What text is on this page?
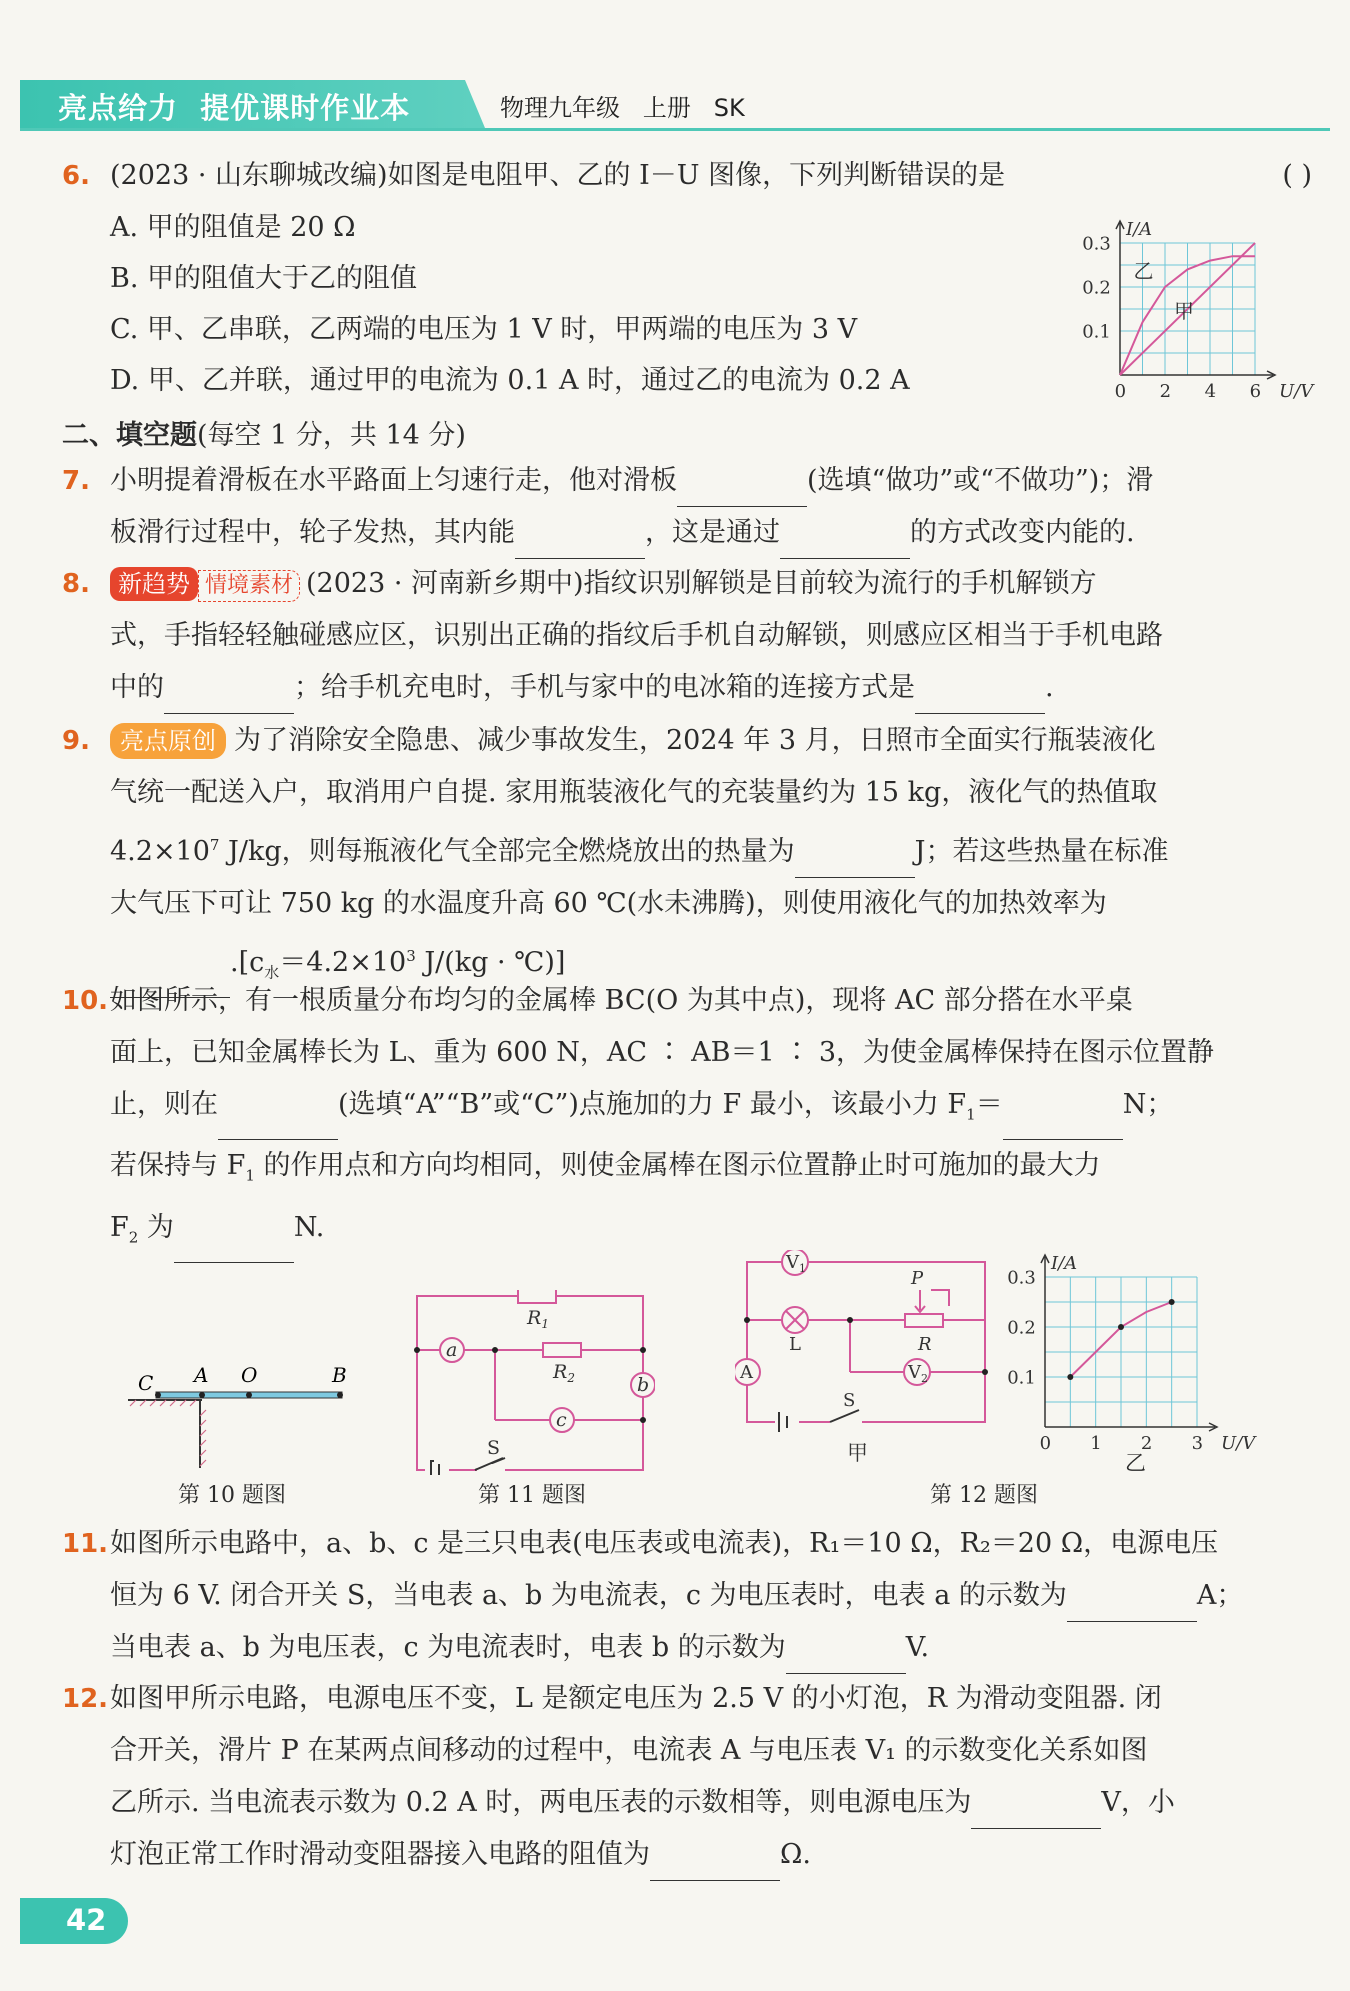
亮点给力  提优课时作业本	物理九年级   上册   SK
6. (2023 · 山东聊城改编)如图是电阻甲、乙的 I－U 图像，下列判断错误的是	( )
A. 甲的阻值是 20 Ω
B. 甲的阻值大于乙的阻值
C. 甲、乙串联，乙两端的电压为 1 V 时，甲两端的电压为 3 V
D. 甲、乙并联，通过甲的电流为 0.1 A 时，通过乙的电流为 0.2 A	0 2 4 6
0.1
0.2
0.3
I/A
U/V
甲
乙
二、填空题(每空 1 分，共 14 分)
7. 小明提着滑板在水平路面上匀速行走，他对滑板	(选填“做功”或“不做功”)；滑
板滑行过程中，轮子发热，其内能	，这是通过	的方式改变内能的.
8. 新趋势 情境素材 (2023 · 河南新乡期中)指纹识别解锁是目前较为流行的手机解锁方
式，手指轻轻触碰感应区，识别出正确的指纹后手机自动解锁，则感应区相当于手机电路
中的	；给手机充电时，手机与家中的电冰箱的连接方式是	.
9. 亮点原创 为了消除安全隐患、减少事故发生，2024 年 3 月，日照市全面实行瓶装液化
气统一配送入户，取消用户自提. 家用瓶装液化气的充装量约为 15 kg，液化气的热值取
$4.2\times 10^7$ J/kg，则每瓶液化气全部完全燃烧放出的热量为	J；若这些热量在标准
大气压下可让 750 kg 的水温度升高 60 ℃(水未沸腾)，则使用液化气的加热效率为
$.[c_水=4.2\times 10^3$ J/(kg · ℃)]
10.如图所示，有一根质量分布均匀的金属棒 BC(O 为其中点)，现将 AC 部分搭在水平桌
面上，已知金属棒长为 L、重为 600 N，AC ∶ AB＝1 ∶ 3，为使金属棒保持在图示位置静
止，则在	(选填“A”“B”或“C”)点施加的力 F 最小，该最小力 $F_1=$	N；
若保持与 $F_1$ 的作用点和方向均相同，则使金属棒在图示位置静止时可施加的最大力
$F_2$ 为	N.
C A O	B
第 10 题图
$R_1$
$R_2$
a
b
c
S
第 11 题图
$V_1$
$V_2$
A
L	R
P
S
甲	0 1 2 3
0.1
0.2
0.3
I/A
U/V
乙
第 12 题图
11.如图所示电路中，a、b、c 是三只电表(电压表或电流表)，R₁＝10 Ω，R₂＝20 Ω，电源电压
恒为 6 V. 闭合开关 S，当电表 a、b 为电流表，c 为电压表时，电表 a 的示数为	A；
当电表 a、b 为电压表，c 为电流表时，电表 b 的示数为	V.
12.如图甲所示电路，电源电压不变，L 是额定电压为 2.5 V 的小灯泡，R 为滑动变阻器. 闭
合开关，滑片 P 在某两点间移动的过程中，电流表 A 与电压表 V₁ 的示数变化关系如图
乙所示. 当电流表示数为 0.2 A 时，两电压表的示数相等，则电源电压为	V，小
灯泡正常工作时滑动变阻器接入电路的阻值为	Ω.
42
